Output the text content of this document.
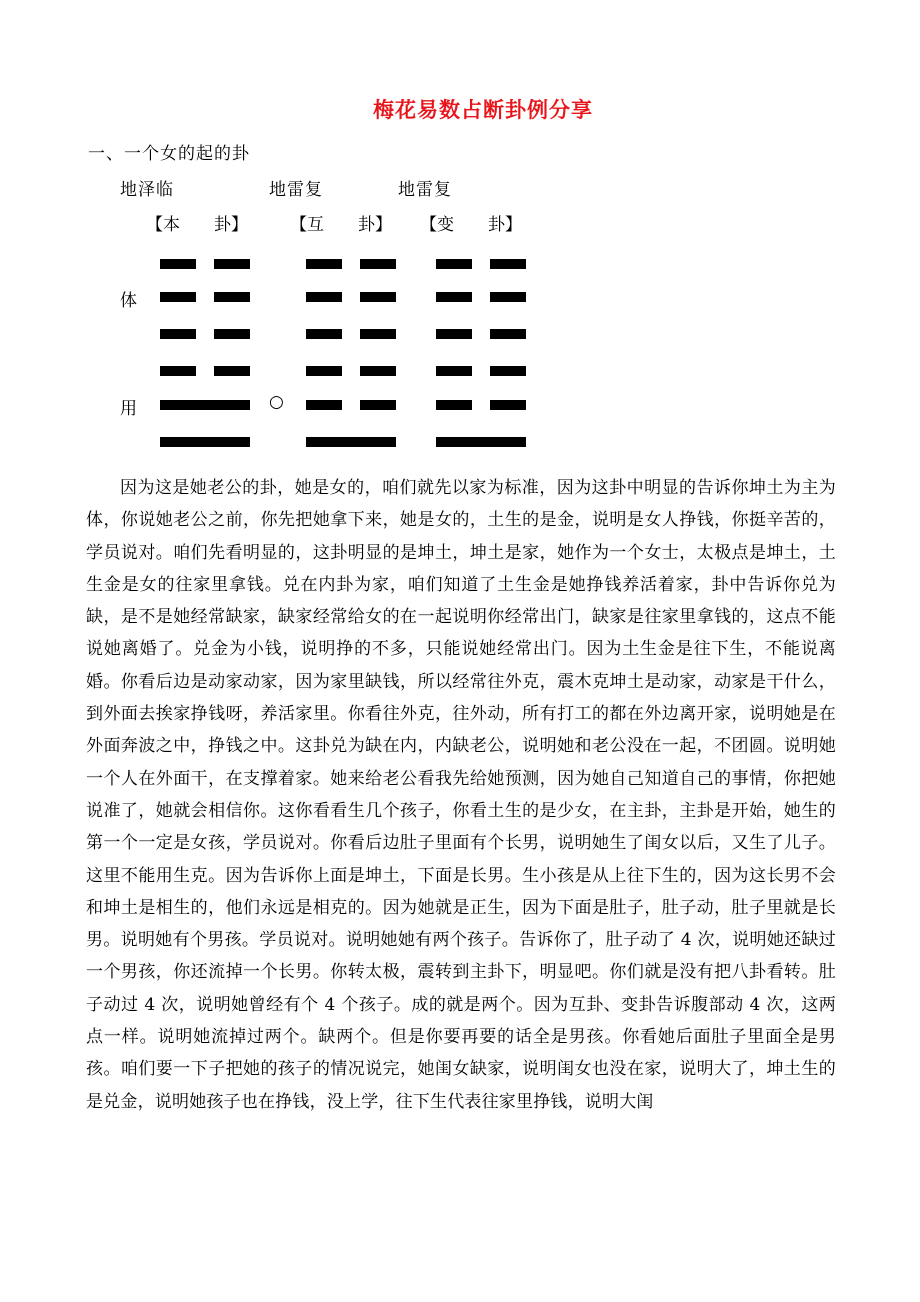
梅花易数占断卦例分享
一、一个女的起的卦
地泽临	地雷复	地雷复
【本　　卦】 【互　　卦】 【变　　卦】
体
用	○

因为这是她老公的卦，她是女的，咱们就先以家为标准，因为这卦中明显的告诉你坤土为主为体，你说她老公之前，你先把她拿下来，她是女的，土生的是金，说明是女人挣钱，你挺辛苦的，学员说对。咱们先看明显的，这卦明显的是坤土，坤土是家，她作为一个女士，太极点是坤土，土生金是女的往家里拿钱。兑在内卦为家，咱们知道了土生金是她挣钱养活着家，卦中告诉你兑为缺，是不是她经常缺家，缺家经常给女的在一起说明你经常出门，缺家是往家里拿钱的，这点不能说她离婚了。兑金为小钱，说明挣的不多，只能说她经常出门。因为土生金是往下生，不能说离婚。你看后边是动家动家，因为家里缺钱，所以经常往外克，震木克坤土是动家，动家是干什么，到外面去挨家挣钱呀，养活家里。你看往外克，往外动，所有打工的都在外边离开家，说明她是在外面奔波之中，挣钱之中。这卦兑为缺在内，内缺老公，说明她和老公没在一起，不团圆。说明她一个人在外面干，在支撑着家。她来给老公看我先给她预测，因为她自己知道自己的事情，你把她说准了，她就会相信你。这你看看生几个孩子，你看土生的是少女，在主卦，主卦是开始，她生的第一个一定是女孩，学员说对。你看后边肚子里面有个长男，说明她生了闺女以后，又生了儿子。这里不能用生克。因为告诉你上面是坤土，下面是长男。生小孩是从上往下生的，因为这长男不会和坤土是相生的，他们永远是相克的。因为她就是正生，因为下面是肚子，肚子动，肚子里就是长男。说明她有个男孩。学员说对。说明她她有两个孩子。告诉你了，肚子动了 4 次，说明她还缺过一个男孩，你还流掉一个长男。你转太极，震转到主卦下，明显吧。你们就是没有把八卦看转。肚子动过 4 次，说明她曾经有个 4 个孩子。成的就是两个。因为互卦、变卦告诉腹部动 4 次，这两点一样。说明她流掉过两个。缺两个。但是你要再要的话全是男孩。你看她后面肚子里面全是男孩。咱们要一下子把她的孩子的情况说完，她闺女缺家，说明闺女也没在家，说明大了，坤土生的是兑金，说明她孩子也在挣钱，没上学，往下生代表往家里挣钱，说明大闺
